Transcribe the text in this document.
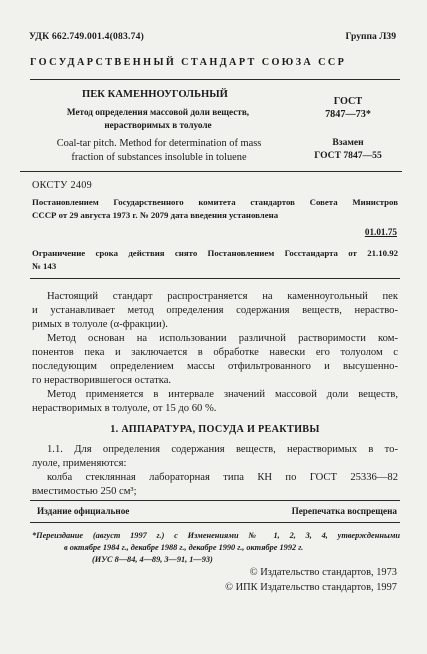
УДК 662.749.001.4(083.74)	Группа Л39
ГОСУДАРСТВЕННЫЙ СТАНДАРТ СОЮЗА ССР
ПЕК КАМЕННОУГОЛЬНЫЙ
Метод определения массовой доли веществ,
нерастворимых в толуоле
Coal-tar pitch. Method for determination of mass
fraction of substances insoluble in toluene
ГОСТ
7847—73*
Взамен
ГОСТ 7847—55
ОКСТУ 2409
Постановлением Государственного комитета стандартов Совета Министров
СССР от 29 августа 1973 г. № 2079 дата введения установлена
01.01.75
Ограничение срока действия снято Постановлением Госстандарта от 21.10.92
№ 143
Настоящий стандарт распространяется на каменноугольный пек
и устанавливает метод определения содержания веществ, нераство-
римых в толуоле (α-фракции).
Метод основан на использовании различной растворимости ком-
понентов пека и заключается в обработке навески его толуолом с
последующим определением массы отфильтрованного и высушенно-
го нерастворившегося остатка.
Метод применяется в интервале значений массовой доли веществ,
нерастворимых в толуоле, от 15 до 60 %.
1. АППАРАТУРА, ПОСУДА И РЕАКТИВЫ
1.1. Для определения содержания веществ, нерастворимых в то-
луоле, применяются:
колба стеклянная лабораторная типа КН по ГОСТ 25336—82
вместимостью 250 см³;
Издание официальное	Перепечатка воспрещена
*Переиздание (август 1997 г.) с Изменениями № 1, 2, 3, 4, утвержденными
в октябре 1984 г., декабре 1988 г., декабре 1990 г., октябре 1992 г.
(ИУС 8—84, 4—89, 3—91, 1—93)
© Издательство стандартов, 1973
© ИПК Издательство стандартов, 1997
